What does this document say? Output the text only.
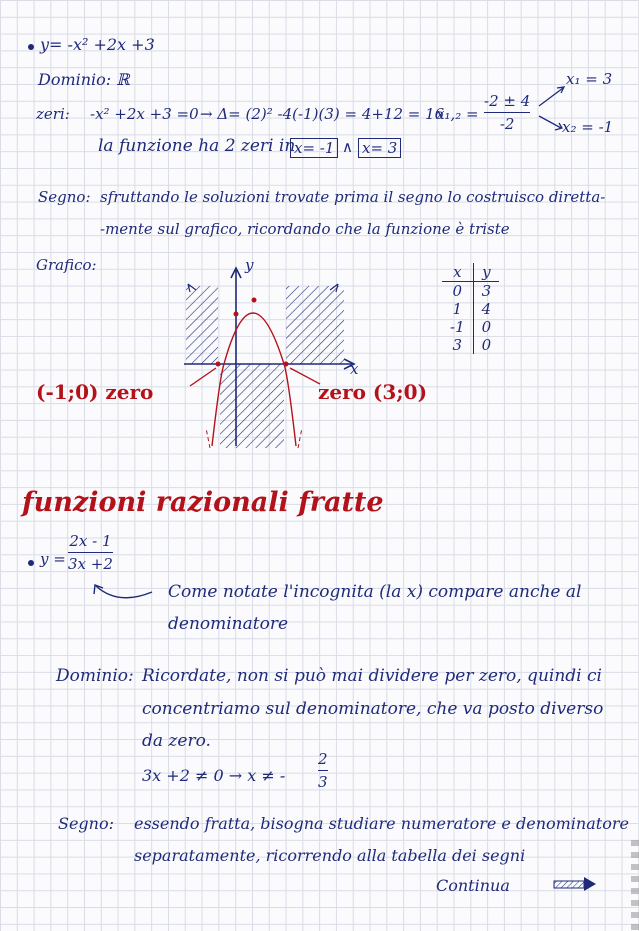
y= -x² +2x +3
Dominio: ℝ
zeri: -x² +2x +3 =0 → Δ= (2)² -4(-1)(3) = 4+12 = 16
x₁,₂ =
-2 ± 4
-2
x₁ = 3
x₂ = -1
la funzione ha 2 zeri in
x= -1 ∧ x= 3
Segno: sfruttando le soluzioni trovate prima il segno lo costruisco diretta-
-mente sul grafico, ricordando che la funzione è triste
Grafico:	y
x
(-1;0) zero	zero (3;0)
x	y
0	3
1	4
-1	0
3	0
funzioni razionali fratte
y =
2x - 1
3x +2
Come notate l'incognita (la x) compare anche al
denominatore
Dominio: Ricordate, non si può mai dividere per zero, quindi ci
concentriamo sul denominatore, che va posto diverso
da zero.
3x +2 ≠ 0 → x ≠ -
2
3
Segno: essendo fratta, bisogna studiare numeratore e denominatore
separatamente, ricorrendo alla tabella dei segni
Continua
